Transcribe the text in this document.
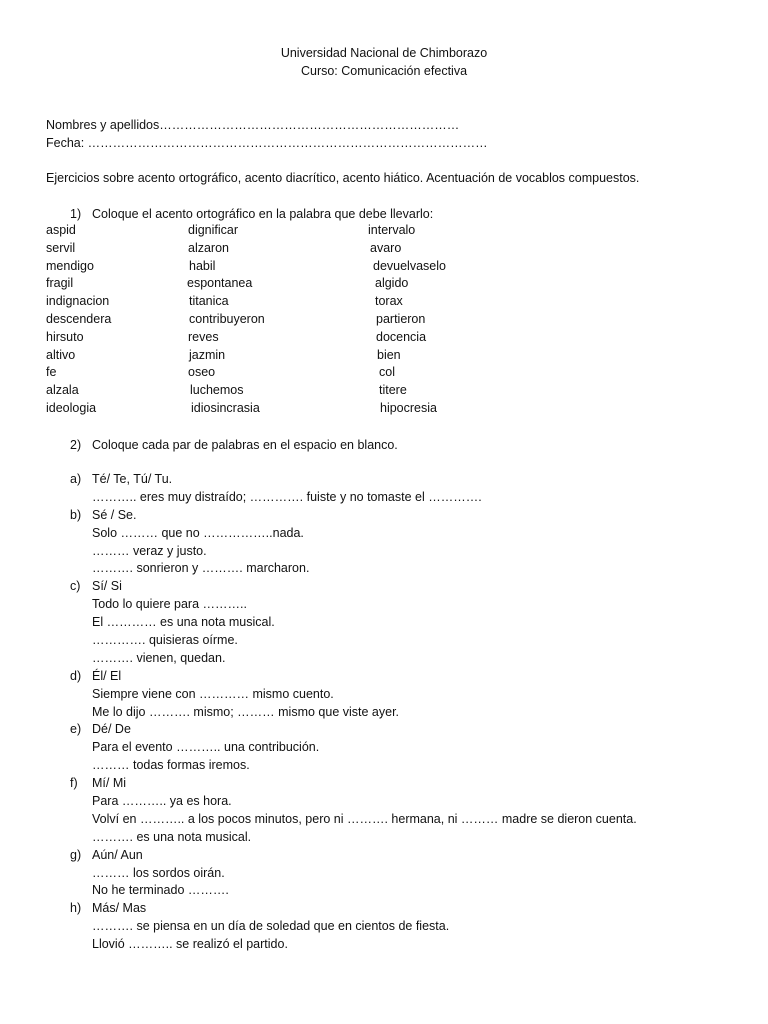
Universidad Nacional de Chimborazo
Curso: Comunicación efectiva
Nombres y apellidos………………………………………………………………
Fecha: ……………………………………………………………………………………
Ejercicios sobre acento ortográfico, acento diacrítico, acento hiático. Acentuación de vocablos compuestos.
1) Coloque el acento ortográfico en la palabra que debe llevarlo:
aspid	dignificar	intervalo
servil	alzaron	avaro
mendigo	habil	devuelvaselo
fragil	espontanea	algido
indignacion	titanica	torax
descendera	contribuyeron	partieron
hirsuto	reves	docencia
altivo	jazmin	bien
fe	oseo	col
alzala	luchemos	titere
ideologia	idiosincrasia	hipocresia
2) Coloque cada par de palabras en el espacio en blanco.
a) Té/ Te, Tú/ Tu.
……….. eres muy distraído; …………. fuiste y no tomaste el ………….
b) Sé / Se.
Solo ……… que no ……………..nada.
……… veraz y justo.
………. sonrieron y ………. marcharon.
c) Sí/ Si
Todo lo quiere para ………..
El ………… es una nota musical.
…………. quisieras oírme.
………. vienen, quedan.
d) Él/ El
Siempre viene con ………… mismo cuento.
Me lo dijo ………. mismo; ……… mismo que viste ayer.
e) Dé/ De
Para el evento ……….. una contribución.
……… todas formas iremos.
f) Mí/ Mi
Para ……….. ya es hora.
Volví en ……….. a los pocos minutos, pero ni ………. hermana, ni ……… madre se dieron cuenta.
………. es una nota musical.
g) Aún/ Aun
……… los sordos oirán.
No he terminado ……….
h) Más/ Mas
………. se piensa en un día de soledad que en cientos de fiesta.
Llovió ……….. se realizó el partido.
